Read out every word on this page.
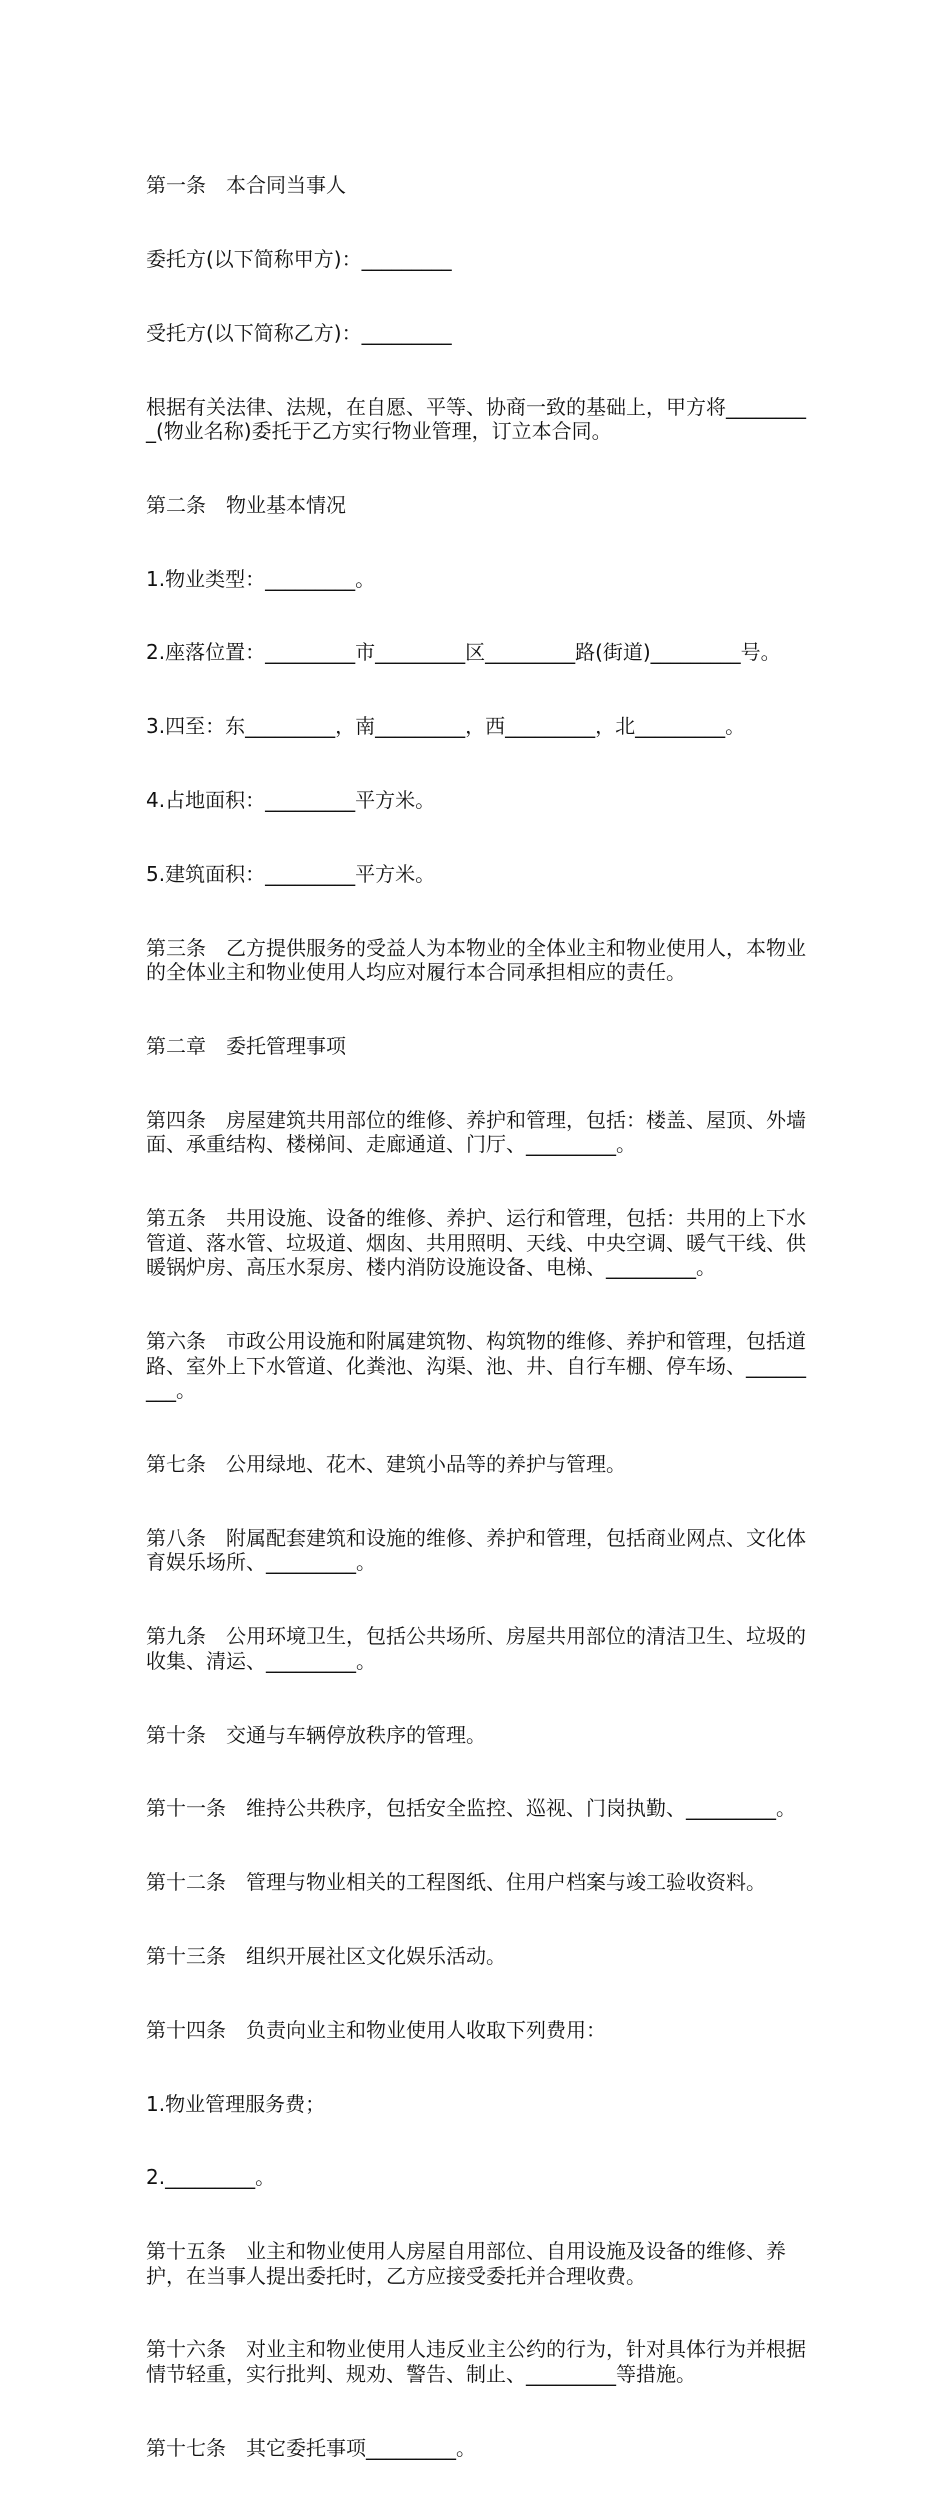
第一条　本合同当事人

委托方(以下简称甲方)：_________

受托方(以下简称乙方)：_________

根据有关法律、法规，在自愿、平等、协商一致的基础上，甲方将_________(物业名称)委托于乙方实行物业管理，订立本合同。

第二条　物业基本情况

1.物业类型：_________。

2.座落位置：_________市_________区_________路(街道)_________号。

3.四至：东_________，南_________，西_________，北_________。

4.占地面积：_________平方米。

5.建筑面积：_________平方米。

第三条　乙方提供服务的受益人为本物业的全体业主和物业使用人，本物业的全体业主和物业使用人均应对履行本合同承担相应的责任。

第二章　委托管理事项

第四条　房屋建筑共用部位的维修、养护和管理，包括：楼盖、屋顶、外墙面、承重结构、楼梯间、走廊通道、门厅、_________。

第五条　共用设施、设备的维修、养护、运行和管理，包括：共用的上下水管道、落水管、垃圾道、烟囱、共用照明、天线、中央空调、暖气干线、供暖锅炉房、高压水泵房、楼内消防设施设备、电梯、_________。

第六条　市政公用设施和附属建筑物、构筑物的维修、养护和管理，包括道路、室外上下水管道、化粪池、沟渠、池、井、自行车棚、停车场、_________。

第七条　公用绿地、花木、建筑小品等的养护与管理。

第八条　附属配套建筑和设施的维修、养护和管理，包括商业网点、文化体育娱乐场所、_________。

第九条　公用环境卫生，包括公共场所、房屋共用部位的清洁卫生、垃圾的收集、清运、_________。

第十条　交通与车辆停放秩序的管理。

第十一条　维持公共秩序，包括安全监控、巡视、门岗执勤、_________。

第十二条　管理与物业相关的工程图纸、住用户档案与竣工验收资料。

第十三条　组织开展社区文化娱乐活动。

第十四条　负责向业主和物业使用人收取下列费用：

1.物业管理服务费；

2._________。

第十五条　业主和物业使用人房屋自用部位、自用设施及设备的维修、养护，在当事人提出委托时，乙方应接受委托并合理收费。

第十六条　对业主和物业使用人违反业主公约的行为，针对具体行为并根据情节轻重，实行批判、规劝、警告、制止、_________等措施。

第十七条　其它委托事项_________。
